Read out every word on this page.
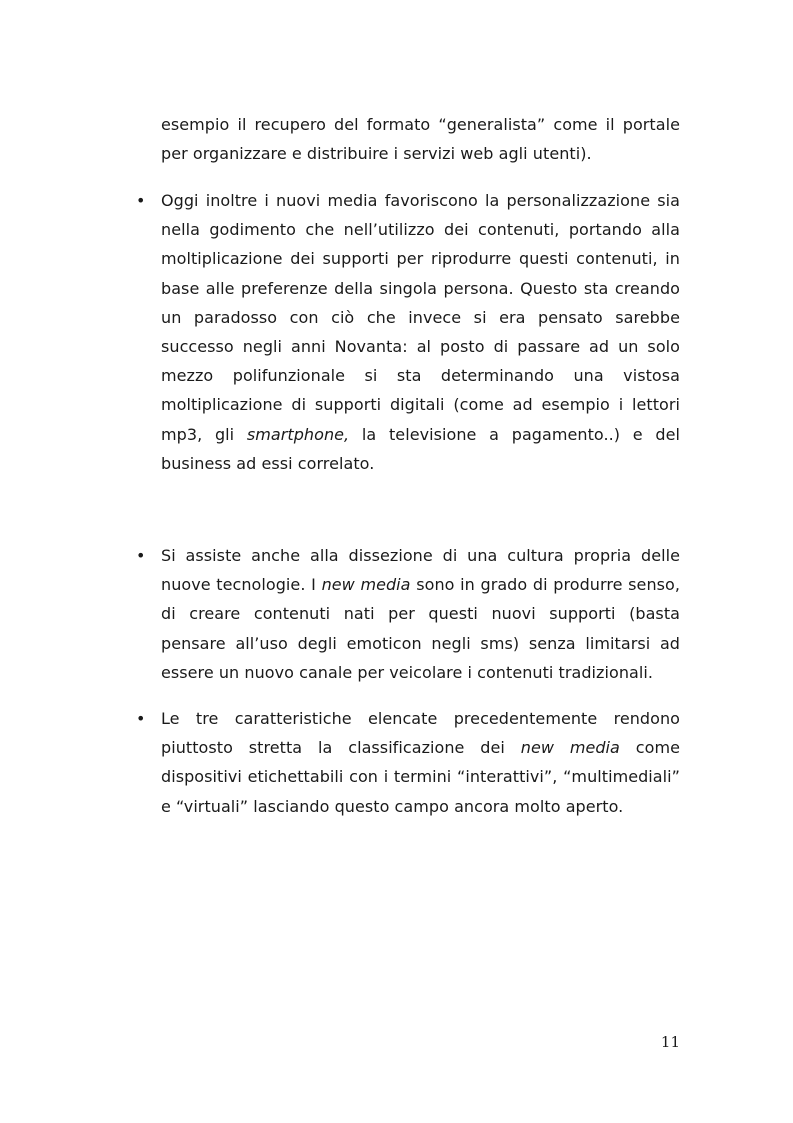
esempio il recupero del formato “generalista” come il portale per organizzare e distribuire i servizi web agli utenti).
• Oggi inoltre i nuovi media favoriscono la personalizzazione sia nella godimento che nell’utilizzo dei contenuti, portando alla moltiplicazione dei supporti per riprodurre questi contenuti, in base alle preferenze della singola persona. Questo sta creando un paradosso con ciò che invece si era pensato sarebbe successo negli anni Novanta: al posto di passare ad un solo mezzo polifunzionale si sta determinando una vistosa moltiplicazione di supporti digitali (come ad esempio i lettori mp3, gli smartphone, la televisione a pagamento..) e del business ad essi correlato.
• Si assiste anche alla dissezione di una cultura propria delle nuove tecnologie. I new media sono in grado di produrre senso, di creare contenuti nati per questi nuovi supporti (basta pensare all’uso degli emoticon negli sms) senza limitarsi ad essere un nuovo canale per veicolare i contenuti tradizionali.
• Le tre caratteristiche elencate precedentemente rendono piuttosto stretta la classificazione dei new media come dispositivi etichettabili con i termini “interattivi”, “multimediali” e “virtuali” lasciando questo campo ancora molto aperto.
11
